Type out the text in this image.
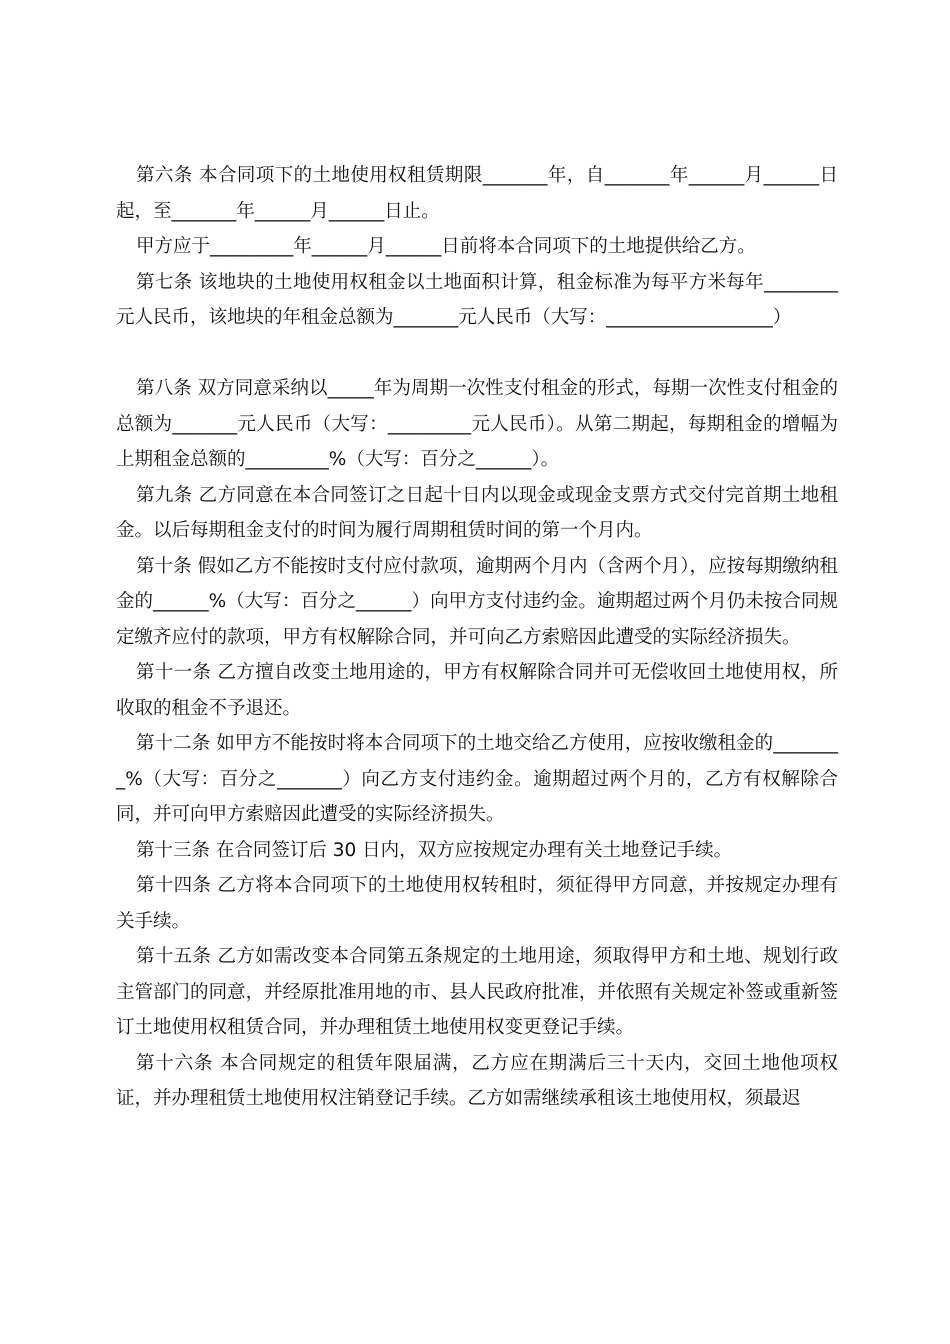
第六条 本合同项下的土地使用权租赁期限_______年，自_______年______月______日起，至_______年______月______日止。

甲方应于_________年______月______日前将本合同项下的土地提供给乙方。

第七条 该地块的土地使用权租金以土地面积计算，租金标准为每平方米每年________元人民币，该地块的年租金总额为_______元人民币（大写：__________________）

第八条 双方同意采纳以_____年为周期一次性支付租金的形式，每期一次性支付租金的总额为_______元人民币（大写：_________元人民币）。从第二期起，每期租金的增幅为上期租金总额的_________%（大写：百分之______）。

第九条 乙方同意在本合同签订之日起十日内以现金或现金支票方式交付完首期土地租金。以后每期租金支付的时间为履行周期租赁时间的第一个月内。

第十条 假如乙方不能按时支付应付款项，逾期两个月内（含两个月），应按每期缴纳租金的______%（大写：百分之______）向甲方支付违约金。逾期超过两个月仍未按合同规定缴齐应付的款项，甲方有权解除合同，并可向乙方索赔因此遭受的实际经济损失。

第十一条 乙方擅自改变土地用途的，甲方有权解除合同并可无偿收回土地使用权，所收取的租金不予退还。

第十二条 如甲方不能按时将本合同项下的土地交给乙方使用，应按收缴租金的________%（大写：百分之_______）向乙方支付违约金。逾期超过两个月的，乙方有权解除合同，并可向甲方索赔因此遭受的实际经济损失。

第十三条 在合同签订后 30 日内，双方应按规定办理有关土地登记手续。

第十四条 乙方将本合同项下的土地使用权转租时，须征得甲方同意，并按规定办理有关手续。

第十五条 乙方如需改变本合同第五条规定的土地用途，须取得甲方和土地、规划行政主管部门的同意，并经原批准用地的市、县人民政府批准，并依照有关规定补签或重新签订土地使用权租赁合同，并办理租赁土地使用权变更登记手续。

第十六条 本合同规定的租赁年限届满，乙方应在期满后三十天内，交回土地他项权证，并办理租赁土地使用权注销登记手续。乙方如需继续承租该土地使用权，须最迟
